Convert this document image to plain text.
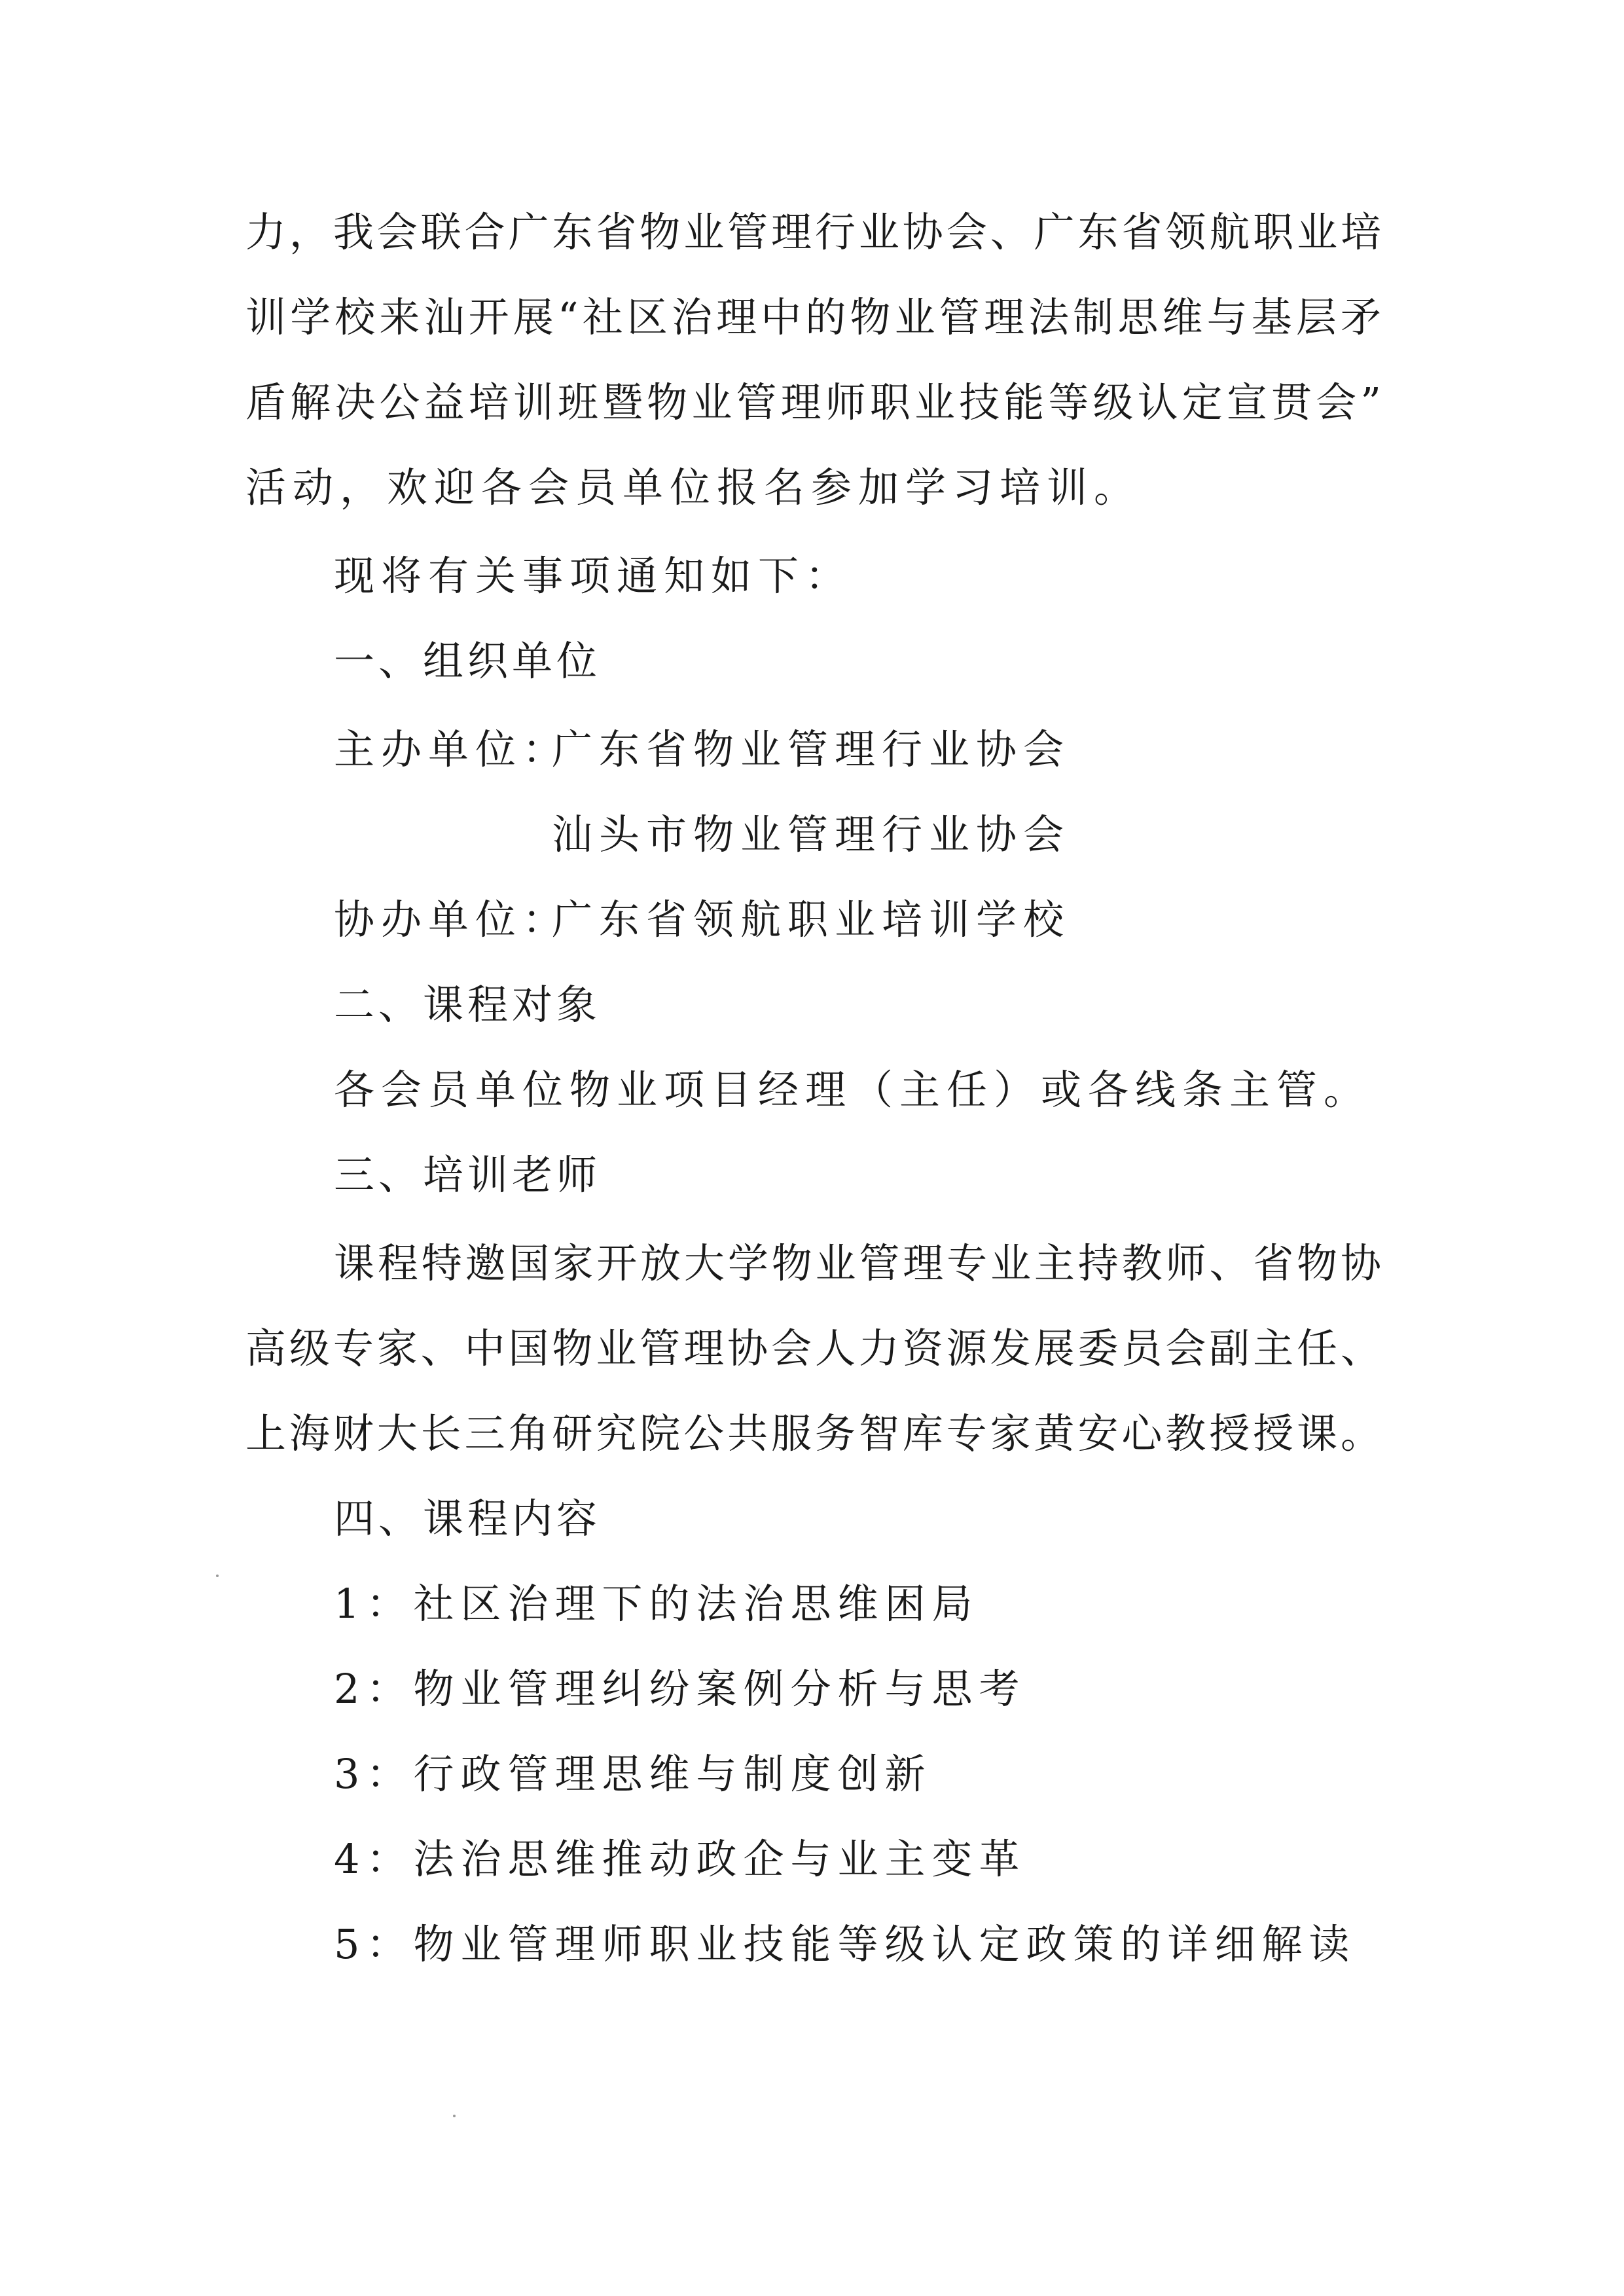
力，我会联合广东省物业管理行业协会、广东省领航职业培
训学校来汕开展“社区治理中的物业管理法制思维与基层矛
盾解决公益培训班暨物业管理师职业技能等级认定宣贯会”
活动，欢迎各会员单位报名参加学习培训。
现将有关事项通知如下：
一、组织单位
主办单位：
广东省物业管理行业协会
汕头市物业管理行业协会
协办单位：
广东省领航职业培训学校
二、课程对象
各会员单位物业项目经理（主任）或各线条主管。
三、培训老师
课程特邀国家开放大学物业管理专业主持教师、省物协
高级专家、中国物业管理协会人力资源发展委员会副主任、
上海财大长三角研究院公共服务智库专家黄安心教授授课。
四、课程内容
1：社区治理下的法治思维困局
2：物业管理纠纷案例分析与思考
3：行政管理思维与制度创新
4：法治思维推动政企与业主变革
5：物业管理师职业技能等级认定政策的详细解读
